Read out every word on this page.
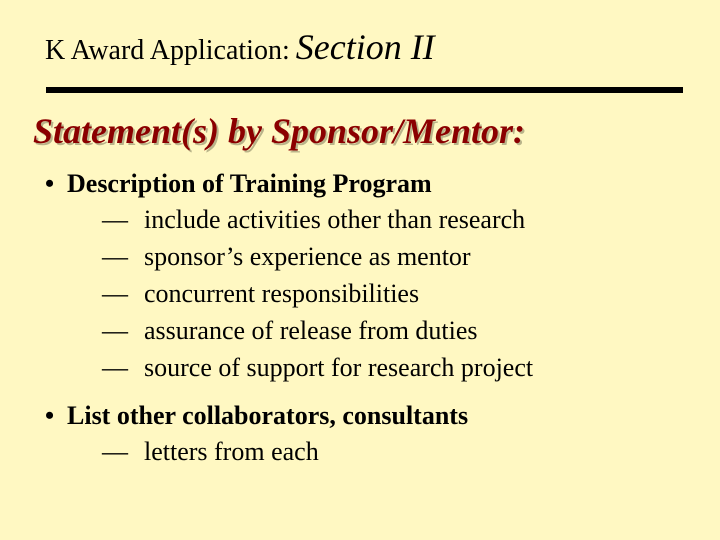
K Award Application: Section II
Statement(s) by Sponsor/Mentor:
• Description of Training Program
— include activities other than research
— sponsor’s experience as mentor
— concurrent responsibilities
— assurance of release from duties
— source of support for research project
• List other collaborators, consultants
— letters from each
